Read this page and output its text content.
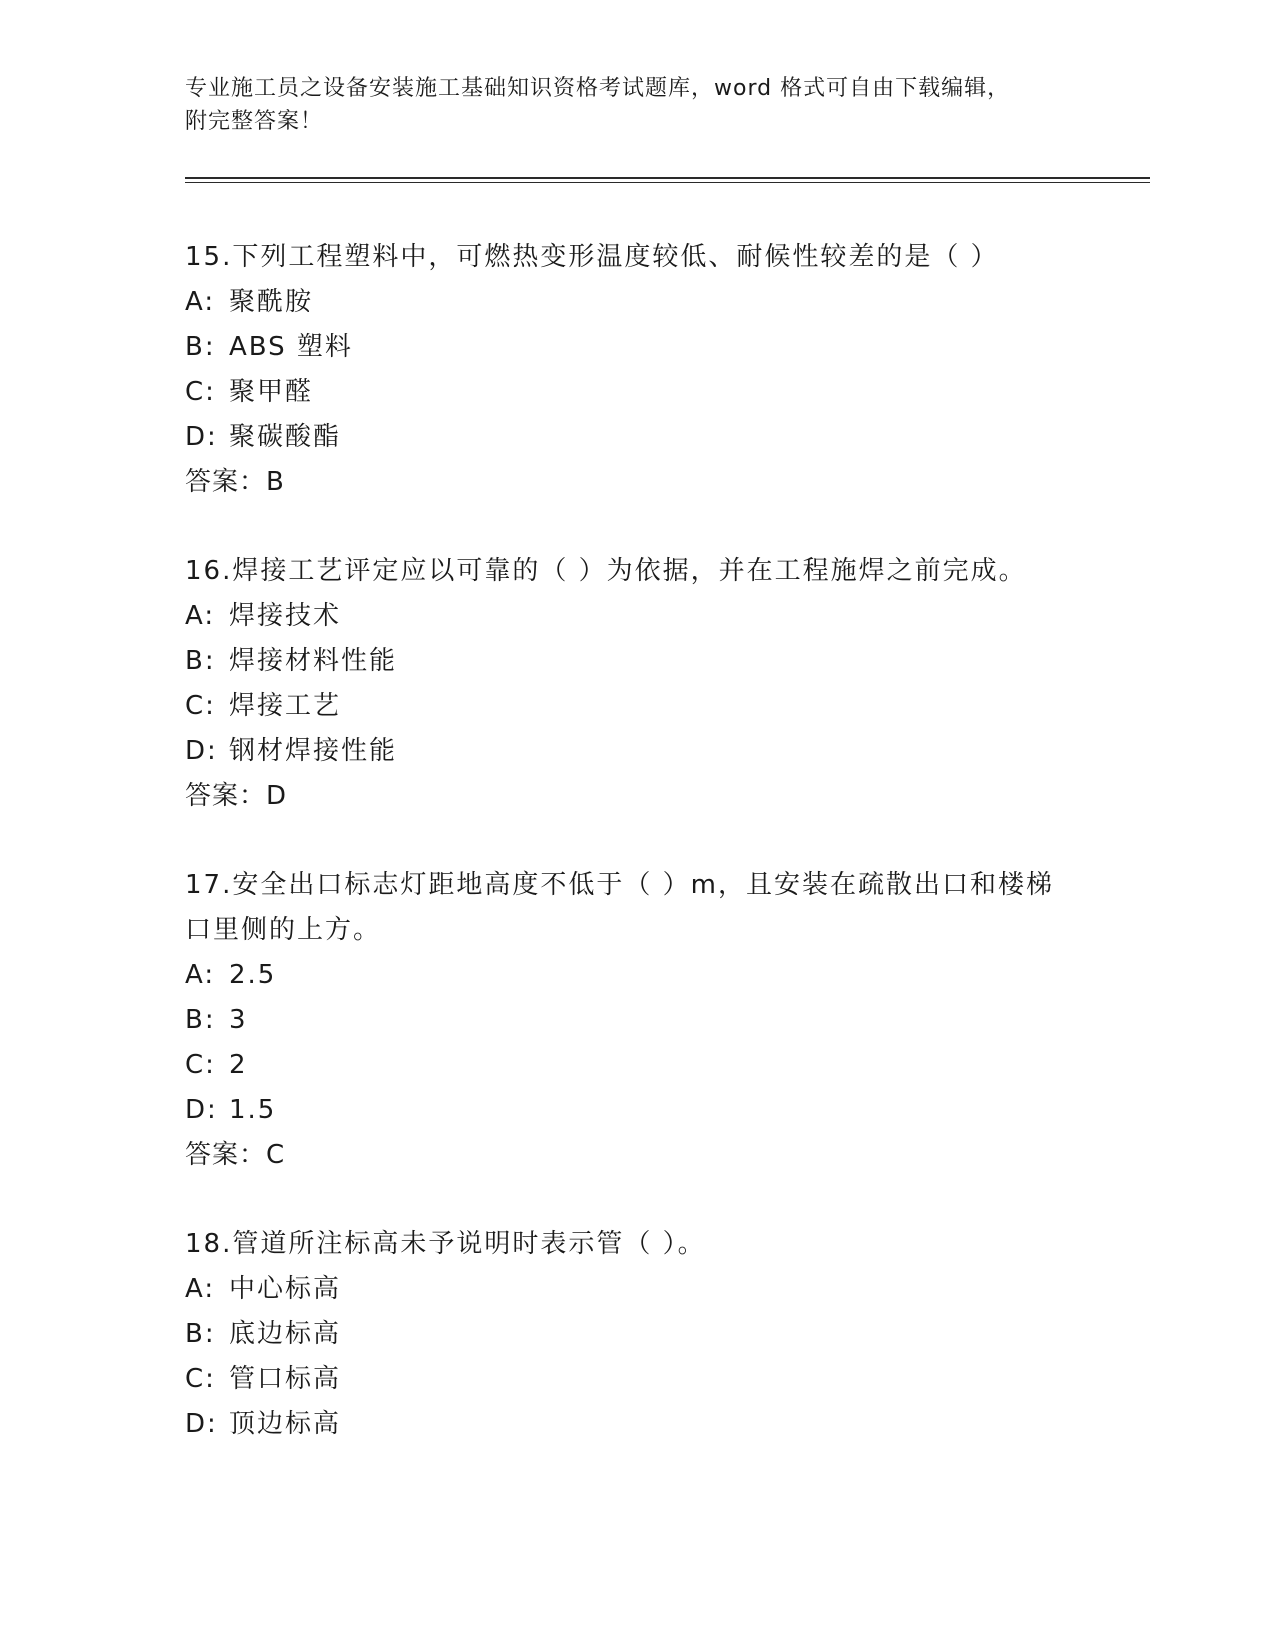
专业施工员之设备安装施工基础知识资格考试题库，word 格式可自由下载编辑，
附完整答案！
15.下列工程塑料中，可燃热变形温度较低、耐候性较差的是（ ）
A: 聚酰胺
B: ABS 塑料
C: 聚甲醛
D: 聚碳酸酯
答案：B
16.焊接工艺评定应以可靠的（ ）为依据，并在工程施焊之前完成。
A: 焊接技术
B: 焊接材料性能
C: 焊接工艺
D: 钢材焊接性能
答案：D
17.安全出口标志灯距地高度不低于（ ）m，且安装在疏散出口和楼梯
口里侧的上方。
A: 2.5
B: 3
C: 2
D: 1.5
答案：C
18.管道所注标高未予说明时表示管（ ）。
A: 中心标高
B: 底边标高
C: 管口标高
D: 顶边标高
